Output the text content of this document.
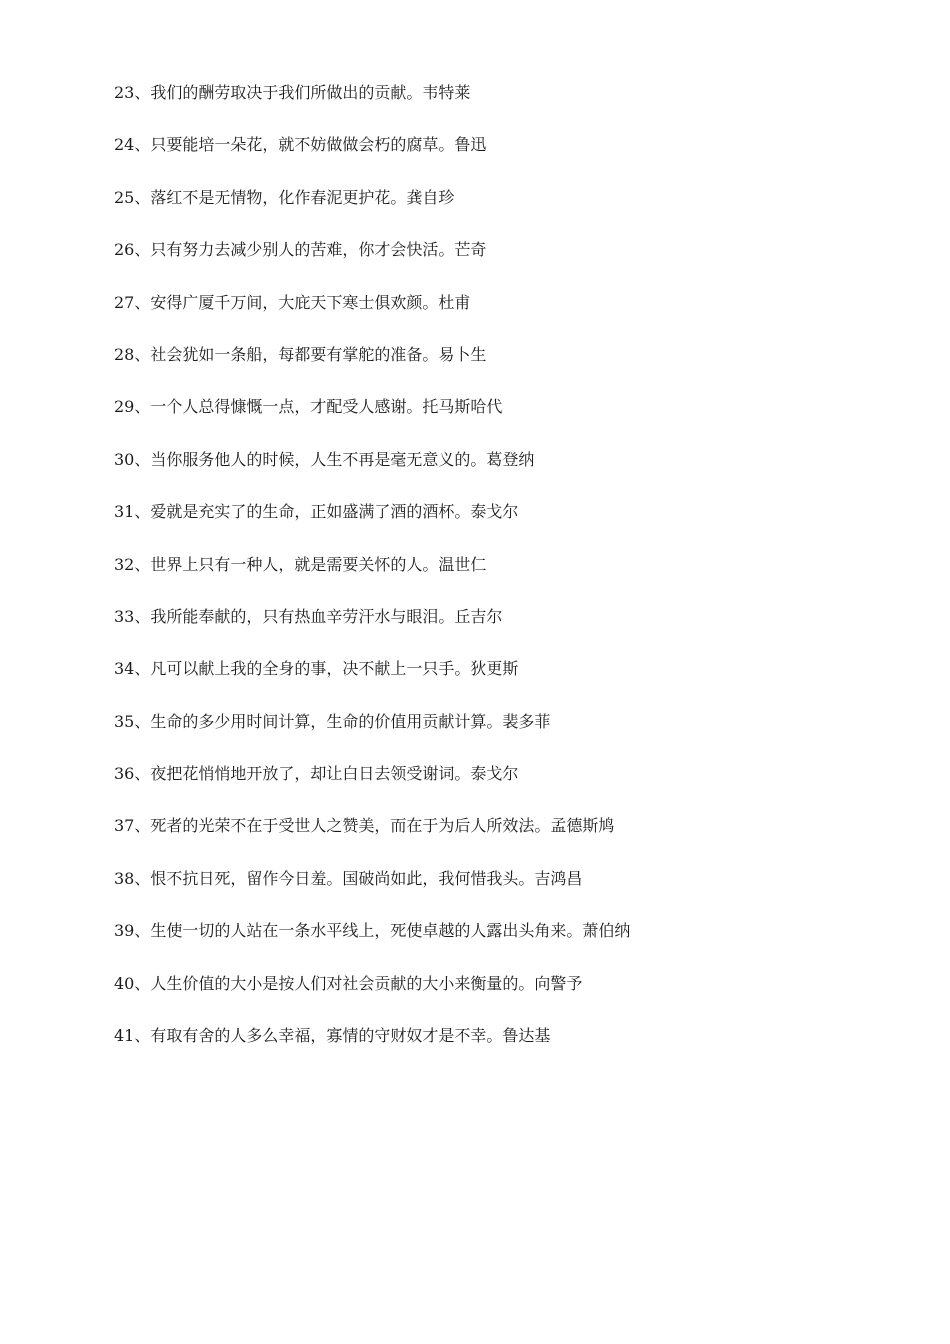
23、我们的酬劳取决于我们所做出的贡献。韦特莱
24、只要能培一朵花，就不妨做做会朽的腐草。鲁迅
25、落红不是无情物，化作春泥更护花。龚自珍
26、只有努力去减少别人的苦难，你才会快活。芒奇
27、安得广厦千万间，大庇天下寒士俱欢颜。杜甫
28、社会犹如一条船，每都要有掌舵的准备。易卜生
29、一个人总得慷慨一点，才配受人感谢。托马斯哈代
30、当你服务他人的时候，人生不再是毫无意义的。葛登纳
31、爱就是充实了的生命，正如盛满了酒的酒杯。泰戈尔
32、世界上只有一种人，就是需要关怀的人。温世仁
33、我所能奉献的，只有热血辛劳汗水与眼泪。丘吉尔
34、凡可以献上我的全身的事，决不献上一只手。狄更斯
35、生命的多少用时间计算，生命的价值用贡献计算。裴多菲
36、夜把花悄悄地开放了，却让白日去领受谢词。泰戈尔
37、死者的光荣不在于受世人之赞美，而在于为后人所效法。孟德斯鸠
38、恨不抗日死，留作今日羞。国破尚如此，我何惜我头。吉鸿昌
39、生使一切的人站在一条水平线上，死使卓越的人露出头角来。萧伯纳
40、人生价值的大小是按人们对社会贡献的大小来衡量的。向警予
41、有取有舍的人多么幸福，寡情的守财奴才是不幸。鲁达基
